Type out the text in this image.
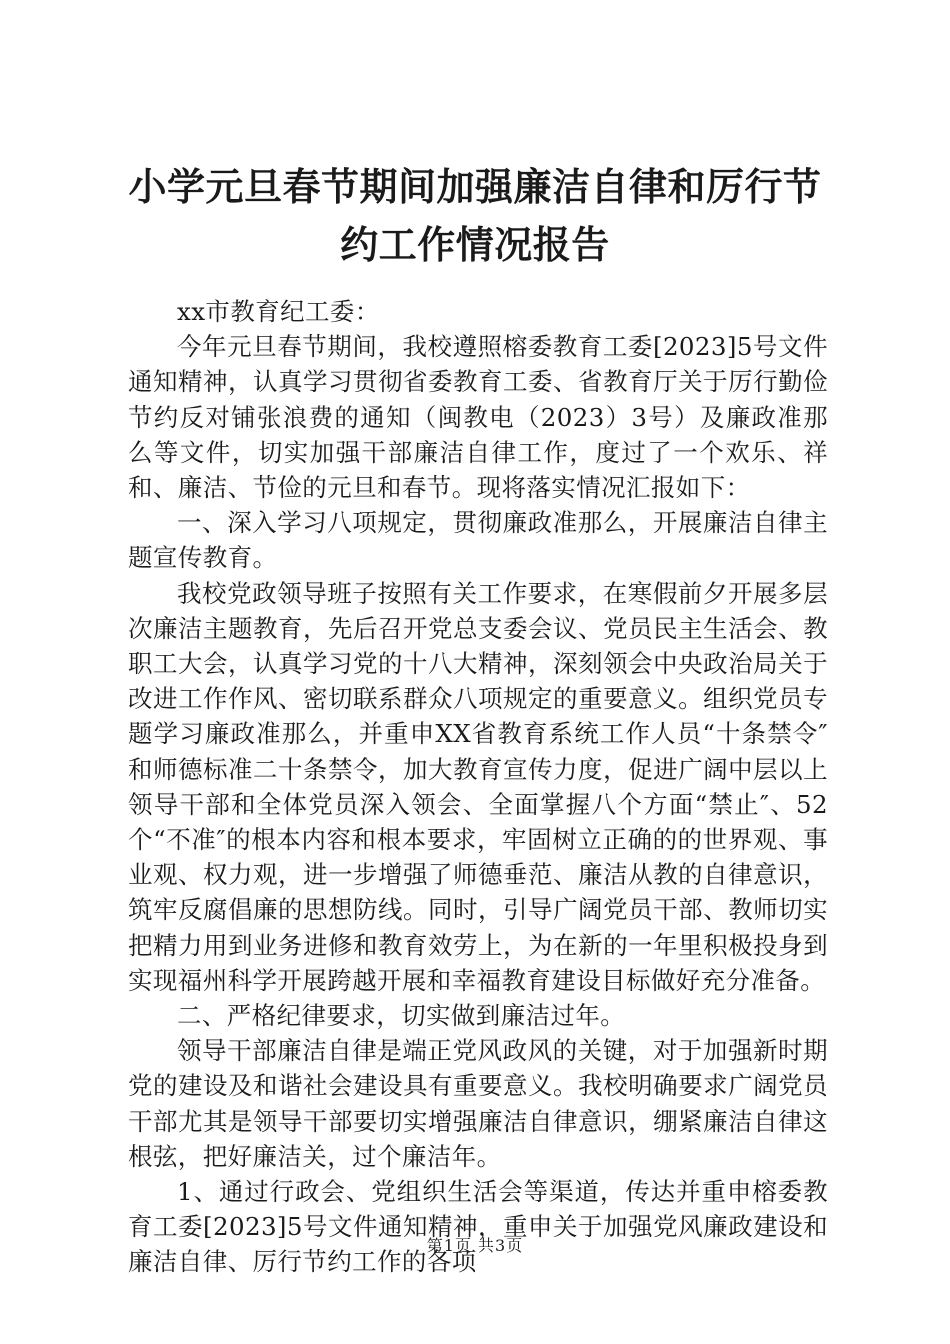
小学元旦春节期间加强廉洁自律和厉行节约工作情况报告

xx市教育纪工委：

今年元旦春节期间，我校遵照榕委教育工委[2023]5号文件通知精神，认真学习贯彻省委教育工委、省教育厅关于厉行勤俭节约反对铺张浪费的通知（闽教电（2023）3号）及廉政准那么等文件，切实加强干部廉洁自律工作，度过了一个欢乐、祥和、廉洁、节俭的元旦和春节。现将落实情况汇报如下：

一、深入学习八项规定，贯彻廉政准那么，开展廉洁自律主题宣传教育。

我校党政领导班子按照有关工作要求，在寒假前夕开展多层次廉洁主题教育，先后召开党总支委会议、党员民主生活会、教职工大会，认真学习党的十八大精神，深刻领会中央政治局关于改进工作作风、密切联系群众八项规定的重要意义。组织党员专题学习廉政准那么，并重申XX省教育系统工作人员“十条禁令″和师德标准二十条禁令，加大教育宣传力度，促进广阔中层以上领导干部和全体党员深入领会、全面掌握八个方面“禁止″、52个“不准″的根本内容和根本要求，牢固树立正确的的世界观、事业观、权力观，进一步增强了师德垂范、廉洁从教的自律意识，筑牢反腐倡廉的思想防线。同时，引导广阔党员干部、教师切实把精力用到业务进修和教育效劳上，为在新的一年里积极投身到实现福州科学开展跨越开展和幸福教育建设目标做好充分准备。

二、严格纪律要求，切实做到廉洁过年。

领导干部廉洁自律是端正党风政风的关键，对于加强新时期党的建设及和谐社会建设具有重要意义。我校明确要求广阔党员干部尤其是领导干部要切实增强廉洁自律意识，绷紧廉洁自律这根弦，把好廉洁关，过个廉洁年。

1、通过行政会、党组织生活会等渠道，传达并重申榕委教育工委[2023]5号文件通知精神，重申关于加强党风廉政建设和廉洁自律、厉行节约工作的各项

第1页 共3页
